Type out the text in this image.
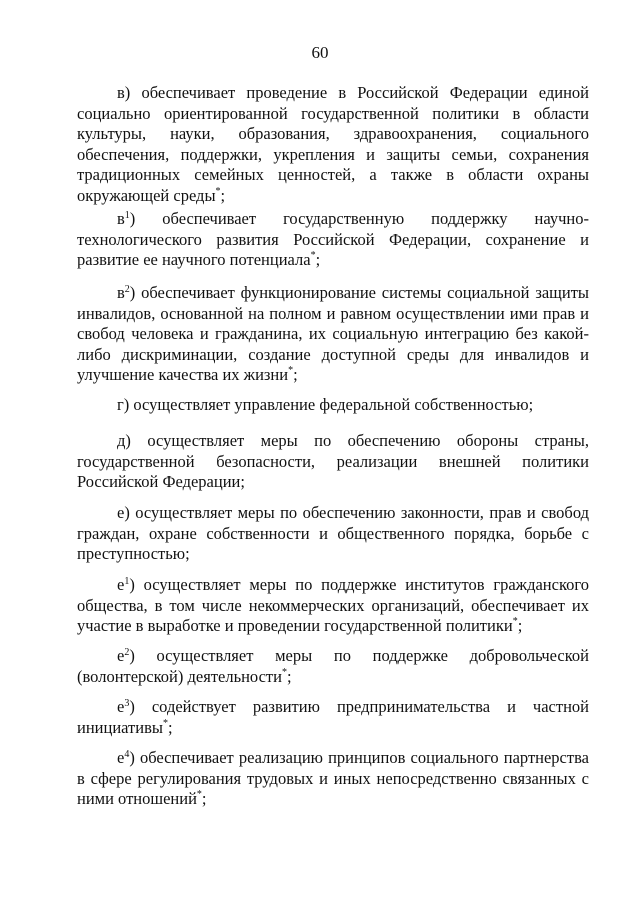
60
в) обеспечивает проведение в Российской Федерации единой социально ориентированной государственной политики в области культуры, науки, образования, здравоохранения, социального обеспечения, поддержки, укрепления и защиты семьи, сохранения традиционных семейных ценностей, а также в области охраны окружающей среды*;
$в^1$) обеспечивает государственную поддержку научно-технологического развития Российской Федерации, сохранение и развитие ее научного потенциала*;
$в^2$) обеспечивает функционирование системы социальной защиты инвалидов, основанной на полном и равном осуществлении ими прав и свобод человека и гражданина, их социальную интеграцию без какой-либо дискриминации, создание доступной среды для инвалидов и улучшение качества их жизни*;
г) осуществляет управление федеральной собственностью;
д) осуществляет меры по обеспечению обороны страны, государственной безопасности, реализации внешней политики Российской Федерации;
е) осуществляет меры по обеспечению законности, прав и свобод граждан, охране собственности и общественного порядка, борьбе с преступностью;
$е^1$) осуществляет меры по поддержке институтов гражданского общества, в том числе некоммерческих организаций, обеспечивает их участие в выработке и проведении государственной политики*;
$е^2$) осуществляет меры по поддержке добровольческой (волонтерской) деятельности*;
$е^3$) содействует развитию предпринимательства и частной инициативы*;
$е^4$) обеспечивает реализацию принципов социального партнерства в сфере регулирования трудовых и иных непосредственно связанных с ними отношений*;
